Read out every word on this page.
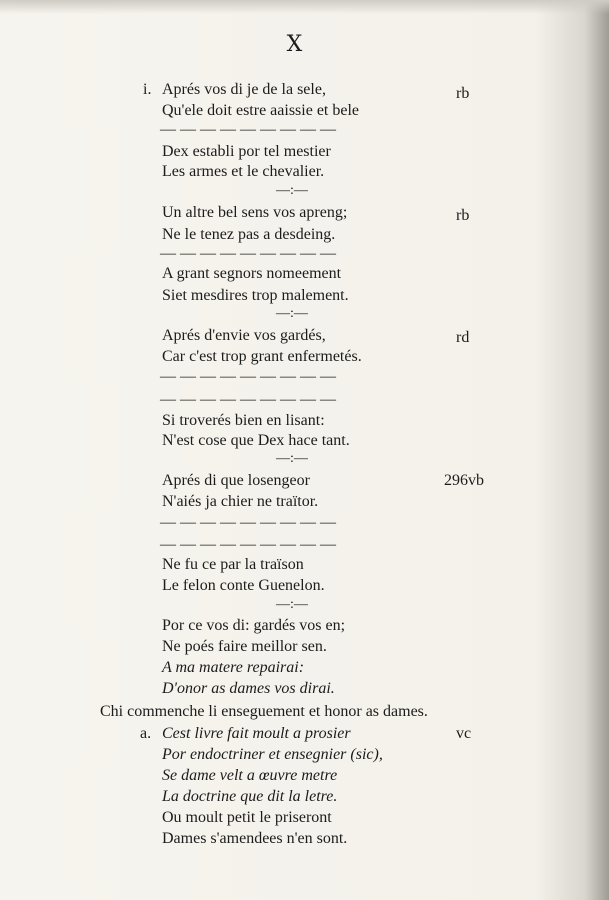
X
i. Aprés vos di je de la sele,	rb
Qu'ele doit estre aaissie et bele
— — — — — — — — —
Dex establi por tel mestier
Les armes et le chevalier.
—:—
Un altre bel sens vos apreng;	rb
Ne le tenez pas a desdeing.
— — — — — — — — —
A grant segnors nomeement
Siet mesdires trop malement.
—:—
Aprés d'envie vos gardés,	rd
Car c'est trop grant enfermetés.
— — — — — — — — —
— — — — — — — — —
Si troverés bien en lisant:
N'est cose que Dex hace tant.
—:—
Aprés di que losengeor	296vb
N'aiés ja chier ne traïtor.
— — — — — — — — —
— — — — — — — — —
Ne fu ce par la traïson
Le felon conte Guenelon.
—:—
Por ce vos di: gardés vos en;
Ne poés faire meillor sen.
A ma matere repairai:
D'onor as dames vos dirai.
Chi commenche li enseguement et honor as dames.
a. Cest livre fait moult a prosier	vc
Por endoctriner et ensegnier (sic),
Se dame velt a œuvre metre
La doctrine que dit la letre.
Ou moult petit le priseront
Dames s'amendees n'en sont.
